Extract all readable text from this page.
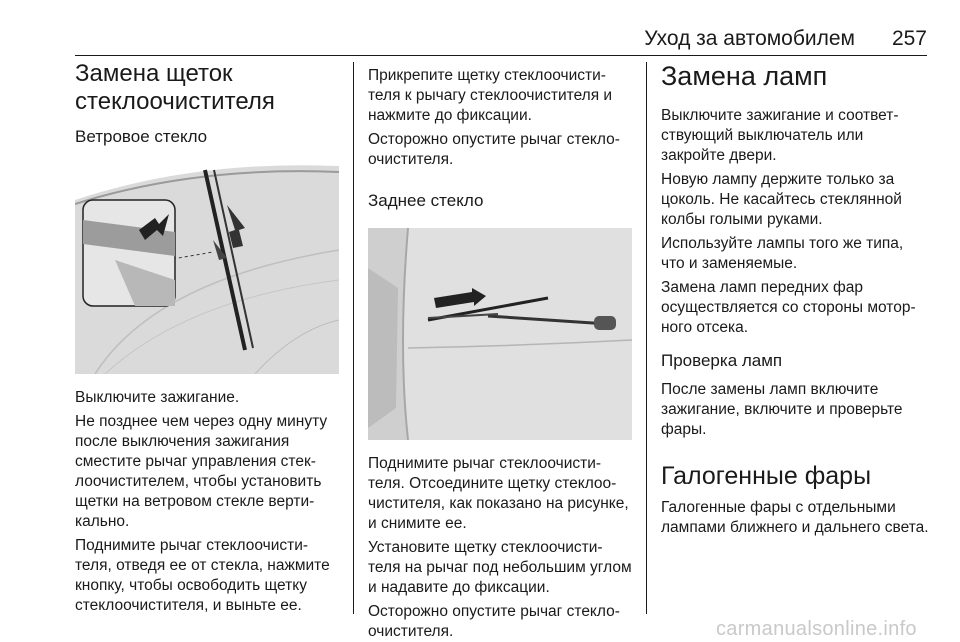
Уход за автомобилем 257
Замена щеток стеклоочистителя
Ветровое стекло

Выключите зажигание.

Не позднее чем через одну минуту после выключения зажигания сместите рычаг управления стек-лоочистителем, чтобы установить щетки на ветровом стекле верти-кально.

Поднимите рычаг стеклоочисти-теля, отведя ее от стекла, нажмите кнопку, чтобы освободить щетку стеклоочистителя, и выньте ее.

Прикрепите щетку стеклоочисти-теля к рычагу стеклоочистителя и нажмите до фиксации.

Осторожно опустите рычаг стекло-очистителя.

Заднее стекло

Поднимите рычаг стеклоочисти-теля. Отсоедините щетку стеклоо-чистителя, как показано на рисунке, и снимите ее.

Установите щетку стеклоочисти-теля на рычаг под небольшим углом и надавите до фиксации.

Осторожно опустите рычаг стекло-очистителя.

Замена ламп

Выключите зажигание и соответ-ствующий выключатель или закройте двери.

Новую лампу держите только за цоколь. Не касайтесь стеклянной колбы голыми руками.

Используйте лампы того же типа, что и заменяемые.

Замена ламп передних фар осуществляется со стороны мотор-ного отсека.

Проверка ламп

После замены ламп включите зажигание, включите и проверьте фары.

Галогенные фары

Галогенные фары с отдельными лампами ближнего и дальнего света.

carmanualsonline.info
